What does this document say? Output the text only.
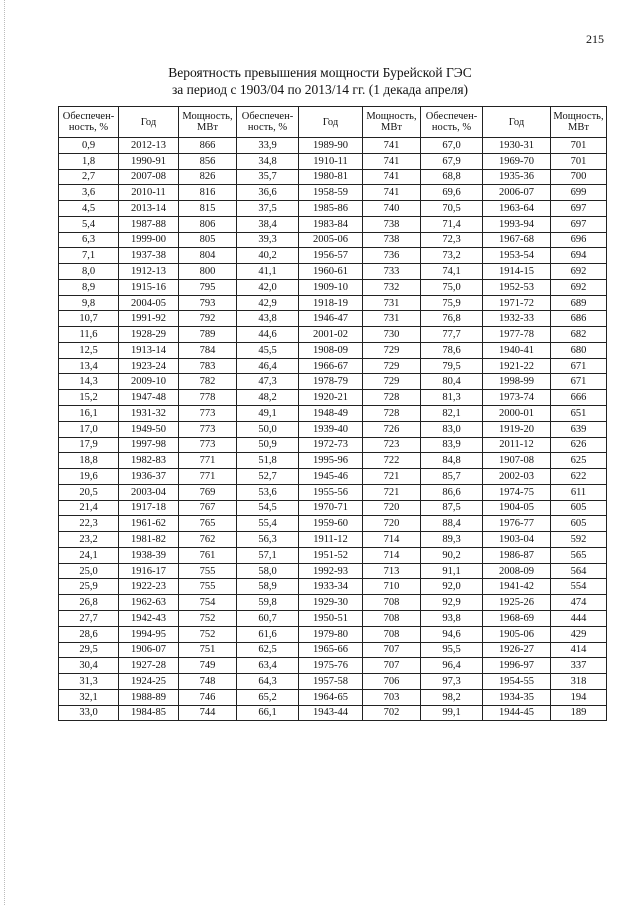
215
Вероятность превышения мощности Бурейской ГЭС
за период с 1903/04 по 2013/14 гг. (1 декада апреля)
Обеспечен-ность, %	Год	Мощность, МВт	Обеспечен-ность, %	Год	Мощность, МВт	Обеспечен-ность, %	Год	Мощность, МВт
0,9	2012-13	866	33,9	1989-90	741	67,0	1930-31	701
1,8	1990-91	856	34,8	1910-11	741	67,9	1969-70	701
2,7	2007-08	826	35,7	1980-81	741	68,8	1935-36	700
3,6	2010-11	816	36,6	1958-59	741	69,6	2006-07	699
4,5	2013-14	815	37,5	1985-86	740	70,5	1963-64	697
5,4	1987-88	806	38,4	1983-84	738	71,4	1993-94	697
6,3	1999-00	805	39,3	2005-06	738	72,3	1967-68	696
7,1	1937-38	804	40,2	1956-57	736	73,2	1953-54	694
8,0	1912-13	800	41,1	1960-61	733	74,1	1914-15	692
8,9	1915-16	795	42,0	1909-10	732	75,0	1952-53	692
9,8	2004-05	793	42,9	1918-19	731	75,9	1971-72	689
10,7	1991-92	792	43,8	1946-47	731	76,8	1932-33	686
11,6	1928-29	789	44,6	2001-02	730	77,7	1977-78	682
12,5	1913-14	784	45,5	1908-09	729	78,6	1940-41	680
13,4	1923-24	783	46,4	1966-67	729	79,5	1921-22	671
14,3	2009-10	782	47,3	1978-79	729	80,4	1998-99	671
15,2	1947-48	778	48,2	1920-21	728	81,3	1973-74	666
16,1	1931-32	773	49,1	1948-49	728	82,1	2000-01	651
17,0	1949-50	773	50,0	1939-40	726	83,0	1919-20	639
17,9	1997-98	773	50,9	1972-73	723	83,9	2011-12	626
18,8	1982-83	771	51,8	1995-96	722	84,8	1907-08	625
19,6	1936-37	771	52,7	1945-46	721	85,7	2002-03	622
20,5	2003-04	769	53,6	1955-56	721	86,6	1974-75	611
21,4	1917-18	767	54,5	1970-71	720	87,5	1904-05	605
22,3	1961-62	765	55,4	1959-60	720	88,4	1976-77	605
23,2	1981-82	762	56,3	1911-12	714	89,3	1903-04	592
24,1	1938-39	761	57,1	1951-52	714	90,2	1986-87	565
25,0	1916-17	755	58,0	1992-93	713	91,1	2008-09	564
25,9	1922-23	755	58,9	1933-34	710	92,0	1941-42	554
26,8	1962-63	754	59,8	1929-30	708	92,9	1925-26	474
27,7	1942-43	752	60,7	1950-51	708	93,8	1968-69	444
28,6	1994-95	752	61,6	1979-80	708	94,6	1905-06	429
29,5	1906-07	751	62,5	1965-66	707	95,5	1926-27	414
30,4	1927-28	749	63,4	1975-76	707	96,4	1996-97	337
31,3	1924-25	748	64,3	1957-58	706	97,3	1954-55	318
32,1	1988-89	746	65,2	1964-65	703	98,2	1934-35	194
33,0	1984-85	744	66,1	1943-44	702	99,1	1944-45	189
